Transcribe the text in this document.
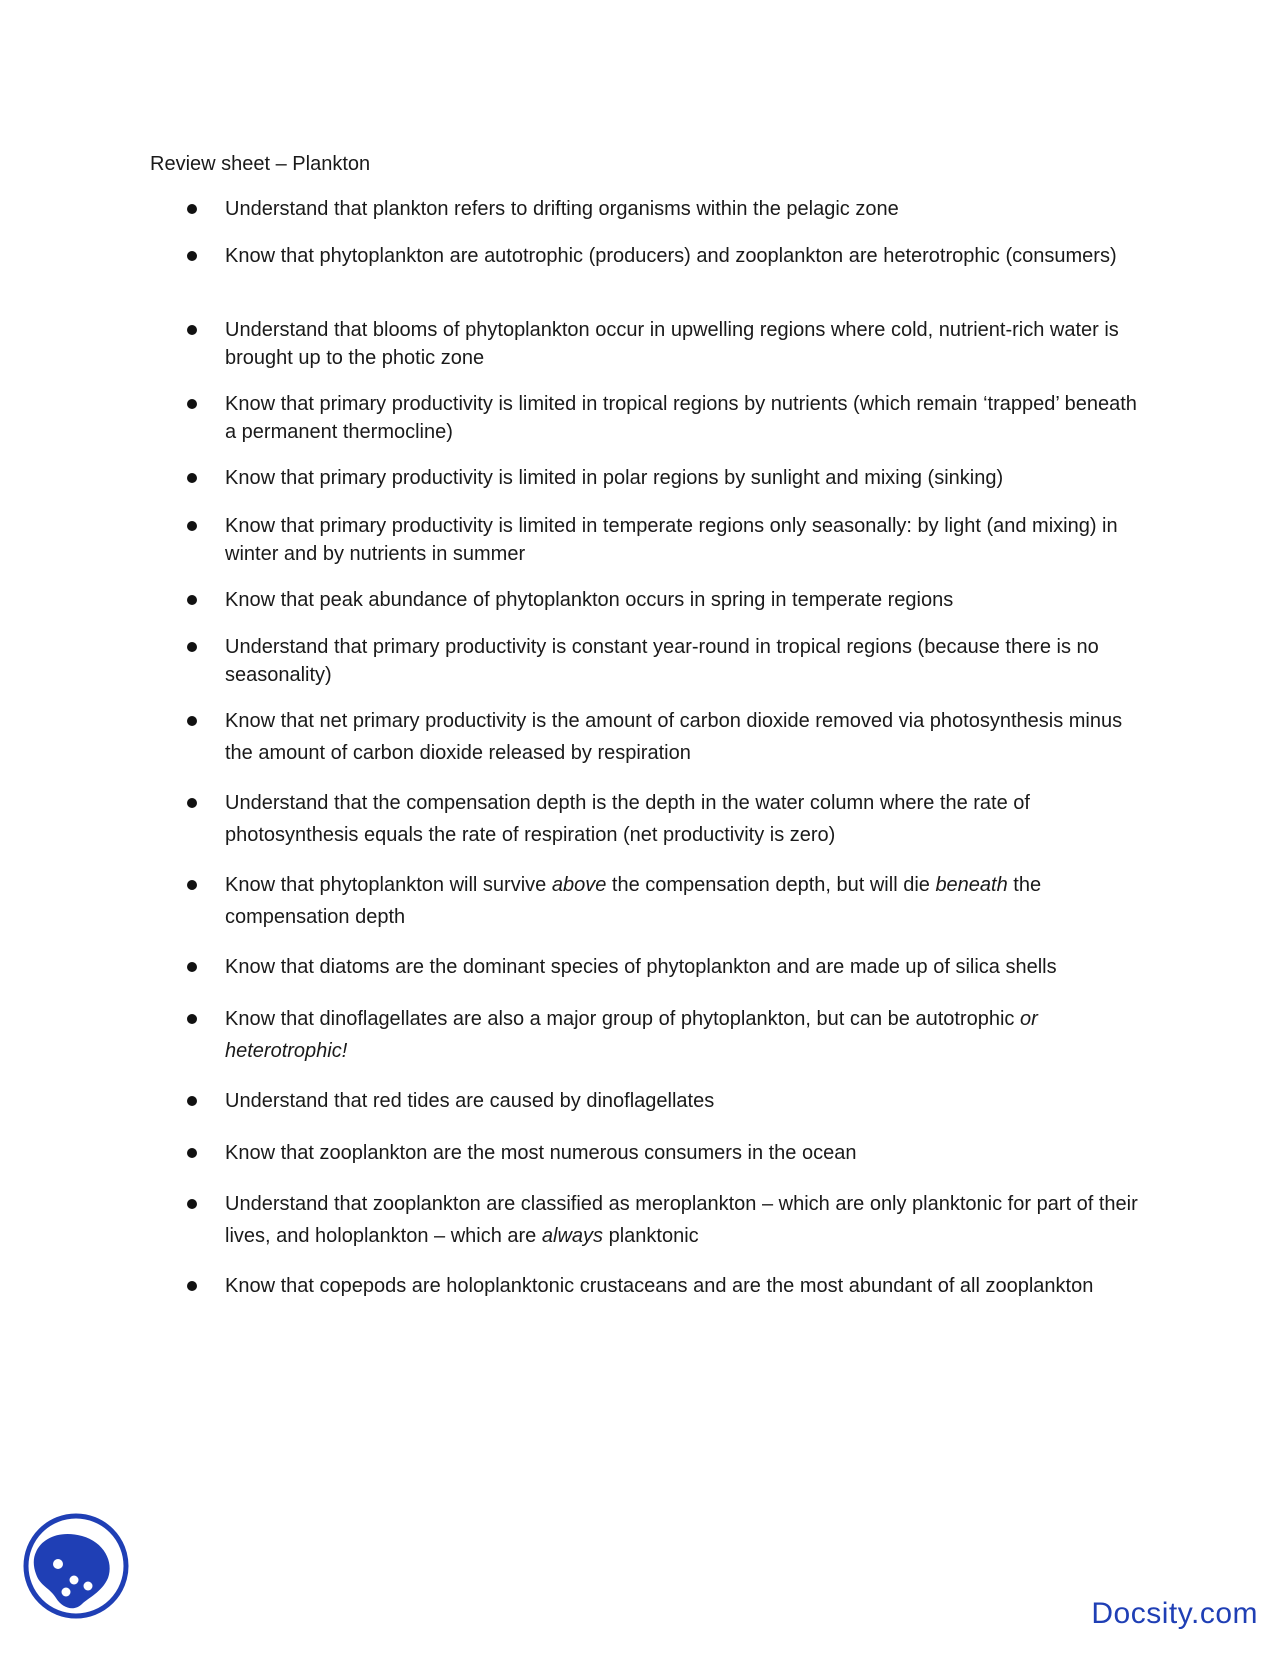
Review sheet – Plankton
Understand that plankton refers to drifting organisms within the pelagic zone
Know that phytoplankton are autotrophic (producers) and zooplankton are heterotrophic (consumers)
Understand that blooms of phytoplankton occur in upwelling regions where cold, nutrient-rich water is brought up to the photic zone
Know that primary productivity is limited in tropical regions by nutrients (which remain ‘trapped’ beneath a permanent thermocline)
Know that primary productivity is limited in polar regions by sunlight and mixing (sinking)
Know that primary productivity is limited in temperate regions only seasonally: by light (and mixing) in winter and by nutrients in summer
Know that peak abundance of phytoplankton occurs in spring in temperate regions
Understand that primary productivity is constant year-round in tropical regions (because there is no seasonality)
Know that net primary productivity is the amount of carbon dioxide removed via photosynthesis minus the amount of carbon dioxide released by respiration
Understand that the compensation depth is the depth in the water column where the rate of photosynthesis equals the rate of respiration (net productivity is zero)
Know that phytoplankton will survive above the compensation depth, but will die beneath the compensation depth
Know that diatoms are the dominant species of phytoplankton and are made up of silica shells
Know that dinoflagellates are also a major group of phytoplankton, but can be autotrophic or heterotrophic!
Understand that red tides are caused by dinoflagellates
Know that zooplankton are the most numerous consumers in the ocean
Understand that zooplankton are classified as meroplankton – which are only planktonic for part of their lives, and holoplankton – which are always planktonic
Know that copepods are holoplanktonic crustaceans and are the most abundant of all zooplankton
Docsity.com
